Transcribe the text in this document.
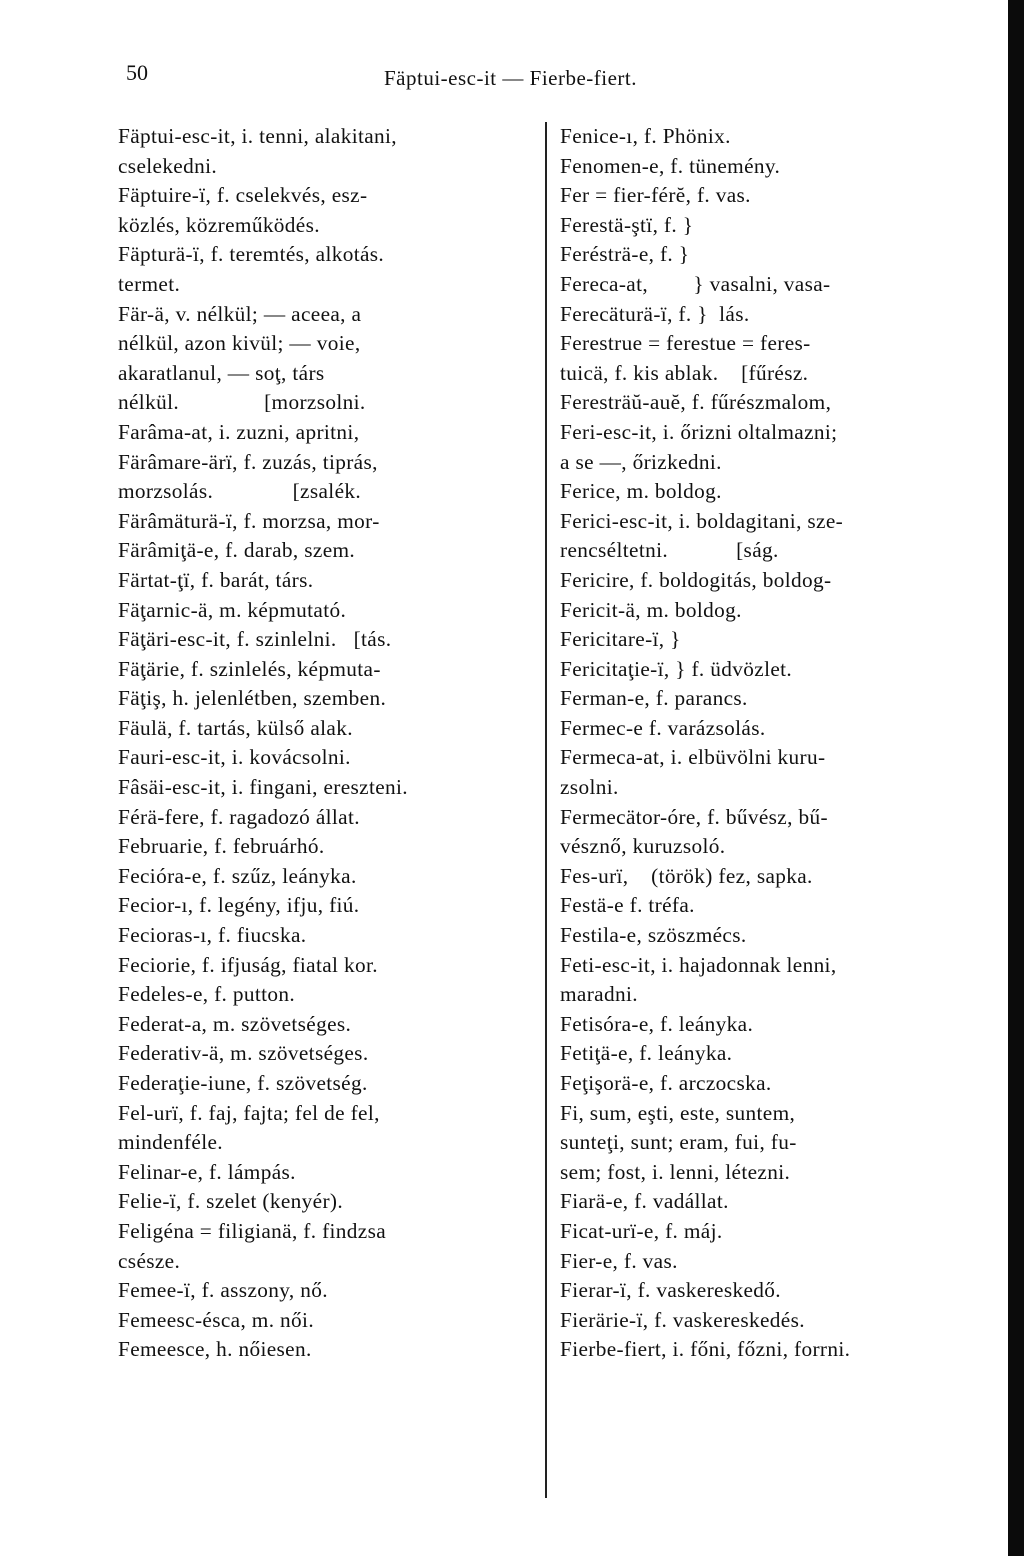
50	Fäptui-esc-it — Fierbe-fiert.
Fäptui-esc-it, i. tenni, alakitani,
cselekedni.
Fäptuire-ï, f. cselekvés, esz-
közlés, közreműködés.
Fäpturä-ï, f. teremtés, alkotás.
termet.
Fär-ä, v. nélkül; — aceea, a
nélkül, azon kivül; — voie,
akaratlanul, — soţ, társ
nélkül.               [morzsolni.
Farâma-at, i. zuzni, apritni,
Färâmare-ärï, f. zuzás, tiprás,
morzsolás.              [zsalék.
Färâmäturä-ï, f. morzsa, mor-
Färâmiţä-e, f. darab, szem.
Färtat-ţï, f. barát, társ.
Fäţarnic-ä, m. képmutató.
Fäţäri-esc-it, f. szinlelni.   [tás.
Fäţärie, f. szinlelés, képmuta-
Fäţiş, h. jelenlétben, szemben.
Fäulä, f. tartás, külső alak.
Fauri-esc-it, i. kovácsolni.
Fâsäi-esc-it, i. fingani, ereszteni.
Férä-fere, f. ragadozó állat.
Februarie, f. februárhó.
Fecióra-e, f. szűz, leányka.
Fecior-ı, f. legény, ifju, fiú.
Fecioras-ı, f. fiucska.
Feciorie, f. ifjuság, fiatal kor.
Fedeles-e, f. putton.
Federat-a, m. szövetséges.
Federativ-ä, m. szövetséges.
Federaţie-iune, f. szövetség.
Fel-urï, f. faj, fajta; fel de fel,
mindenféle.
Felinar-e, f. lámpás.
Felie-ï, f. szelet (kenyér).
Feligéna = filigianä, f. findzsa
csésze.
Femee-ï, f. asszony, nő.
Femeesc-ésca, m. női.
Femeesce, h. nőiesen.
Fenice-ı, f. Phönix.
Fenomen-e, f. tünemény.
Fer = fier-férĕ, f. vas.
Ferestä-ştï, f. }
Ferésträ-e, f. }
Fereca-at,        } vasalni, vasa-
Ferecäturä-ï, f. }  lás.
Ferestrue = ferestue = feres-
tuicä, f. kis ablak.    [fűrész.
Feresträŭ-auĕ, f. fűrészmalom,
Feri-esc-it, i. őrizni oltalmazni;
a se —, őrizkedni.
Ferice, m. boldog.
Ferici-esc-it, i. boldagitani, sze-
rencséltetni.            [ság.
Fericire, f. boldogitás, boldog-
Fericit-ä, m. boldog.
Fericitare-ï, }
Fericitaţie-ï, } f. üdvözlet.
Ferman-e, f. parancs.
Fermec-e f. varázsolás.
Fermeca-at, i. elbüvölni kuru-
zsolni.
Fermecätor-óre, f. bűvész, bű-
vésznő, kuruzsoló.
Fes-urï,    (török) fez, sapka.
Festä-e f. tréfa.
Festila-e, szöszmécs.
Feti-esc-it, i. hajadonnak lenni,
maradni.
Fetisóra-e, f. leányka.
Fetiţä-e, f. leányka.
Feţişorä-e, f. arczocska.
Fi, sum, eşti, este, suntem,
sunteţi, sunt; eram, fui, fu-
sem; fost, i. lenni, létezni.
Fiarä-e, f. vadállat.
Ficat-urï-e, f. máj.
Fier-e, f. vas.
Fierar-ï, f. vaskereskedő.
Fierärie-ï, f. vaskereskedés.
Fierbe-fiert, i. főni, főzni, forrni.
